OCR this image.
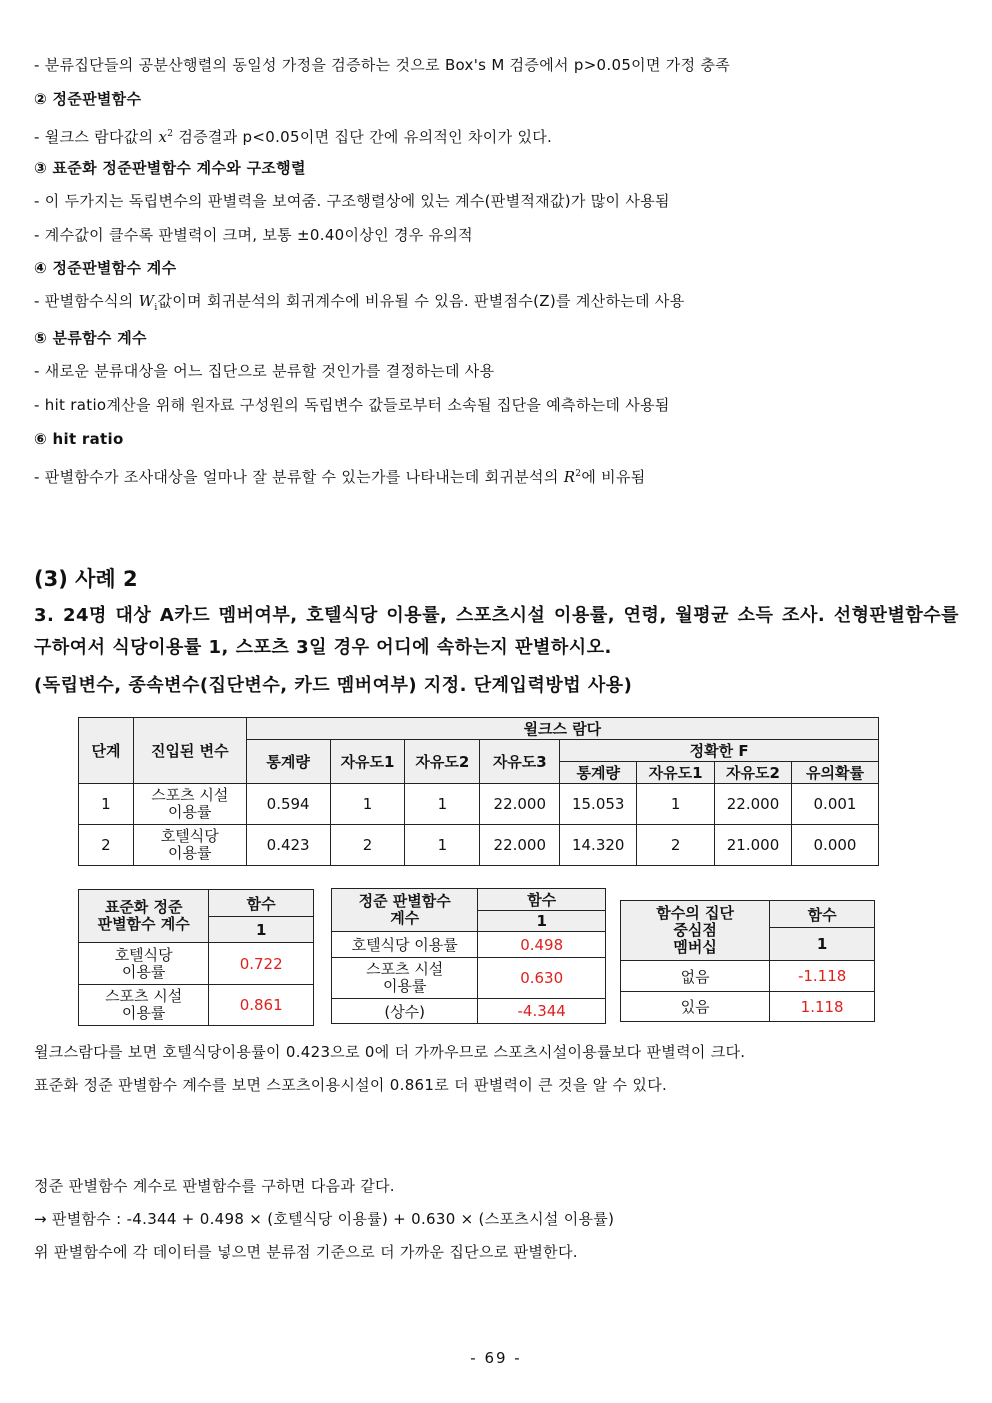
- 분류집단들의 공분산행렬의 동일성 가정을 검증하는 것으로 Box's M 검증에서 p>0.05이면 가정 충족
② 정준판별함수
- 윌크스 람다값의 $x^2$ 검증결과 p<0.05이면 집단 간에 유의적인 차이가 있다.
③ 표준화 정준판별함수 계수와 구조행렬
- 이 두가지는 독립변수의 판별력을 보여줌. 구조행렬상에 있는 계수(판별적재값)가 많이 사용됨
- 계수값이 클수록 판별력이 크며, 보통 ±0.40이상인 경우 유의적
④ 정준판별함수 계수
- 판별함수식의 $W_i$값이며 회귀분석의 회귀계수에 비유될 수 있음. 판별점수(Z)를 계산하는데 사용
⑤ 분류함수 계수
- 새로운 분류대상을 어느 집단으로 분류할 것인가를 결정하는데 사용
- hit ratio계산을 위해 원자료 구성원의 독립변수 값들로부터 소속될 집단을 예측하는데 사용됨
⑥ hit ratio
- 판별함수가 조사대상을 얼마나 잘 분류할 수 있는가를 나타내는데 회귀분석의 $R^2$에 비유됨
(3) 사례 2
3. 24명 대상 A카드 멤버여부, 호텔식당 이용률, 스포츠시설 이용률, 연령, 월평균 소득 조사. 선형판별함수를 구하여서 식당이용률 1, 스포츠 3일 경우 어디에 속하는지 판별하시오.
(독립변수, 종속변수(집단변수, 카드 멤버여부) 지정. 단계입력방법 사용)
단계	진입된 변수	윌크스 람다							
		통계량	자유도1	자유도2	자유도3	정확한 F			
						통계량	자유도1	자유도2	유의확률
1	스포츠 시설
이용률	0.594	1	1	22.000	15.053	1	22.000	0.001
2	호텔식당
이용률	0.423	2	1	22.000	14.320	2	21.000	0.000
표준화 정준
판별함수 계수	함수
	1

호텔식당
이용률	0.722

스포츠 시설
이용률	0.861
정준 판별함수
계수	함수
	1
호텔식당 이용률	0.498

스포츠 시설
이용률	0.630
(상수)	-4.344
함수의 집단
중심점
멤버십	함수
	1
없음	-1.118
있음	1.118
윌크스람다를 보면 호텔식당이용률이 0.423으로 0에 더 가까우므로 스포츠시설이용률보다 판별력이 크다.
표준화 정준 판별함수 계수를 보면 스포츠이용시설이 0.861로 더 판별력이 큰 것을 알 수 있다.
정준 판별함수 계수로 판별함수를 구하면 다음과 같다.
→ 판별함수 : -4.344 + 0.498 × (호텔식당 이용률) + 0.630 × (스포츠시설 이용률)
위 판별함수에 각 데이터를 넣으면 분류점 기준으로 더 가까운 집단으로 판별한다.
- 69 -
